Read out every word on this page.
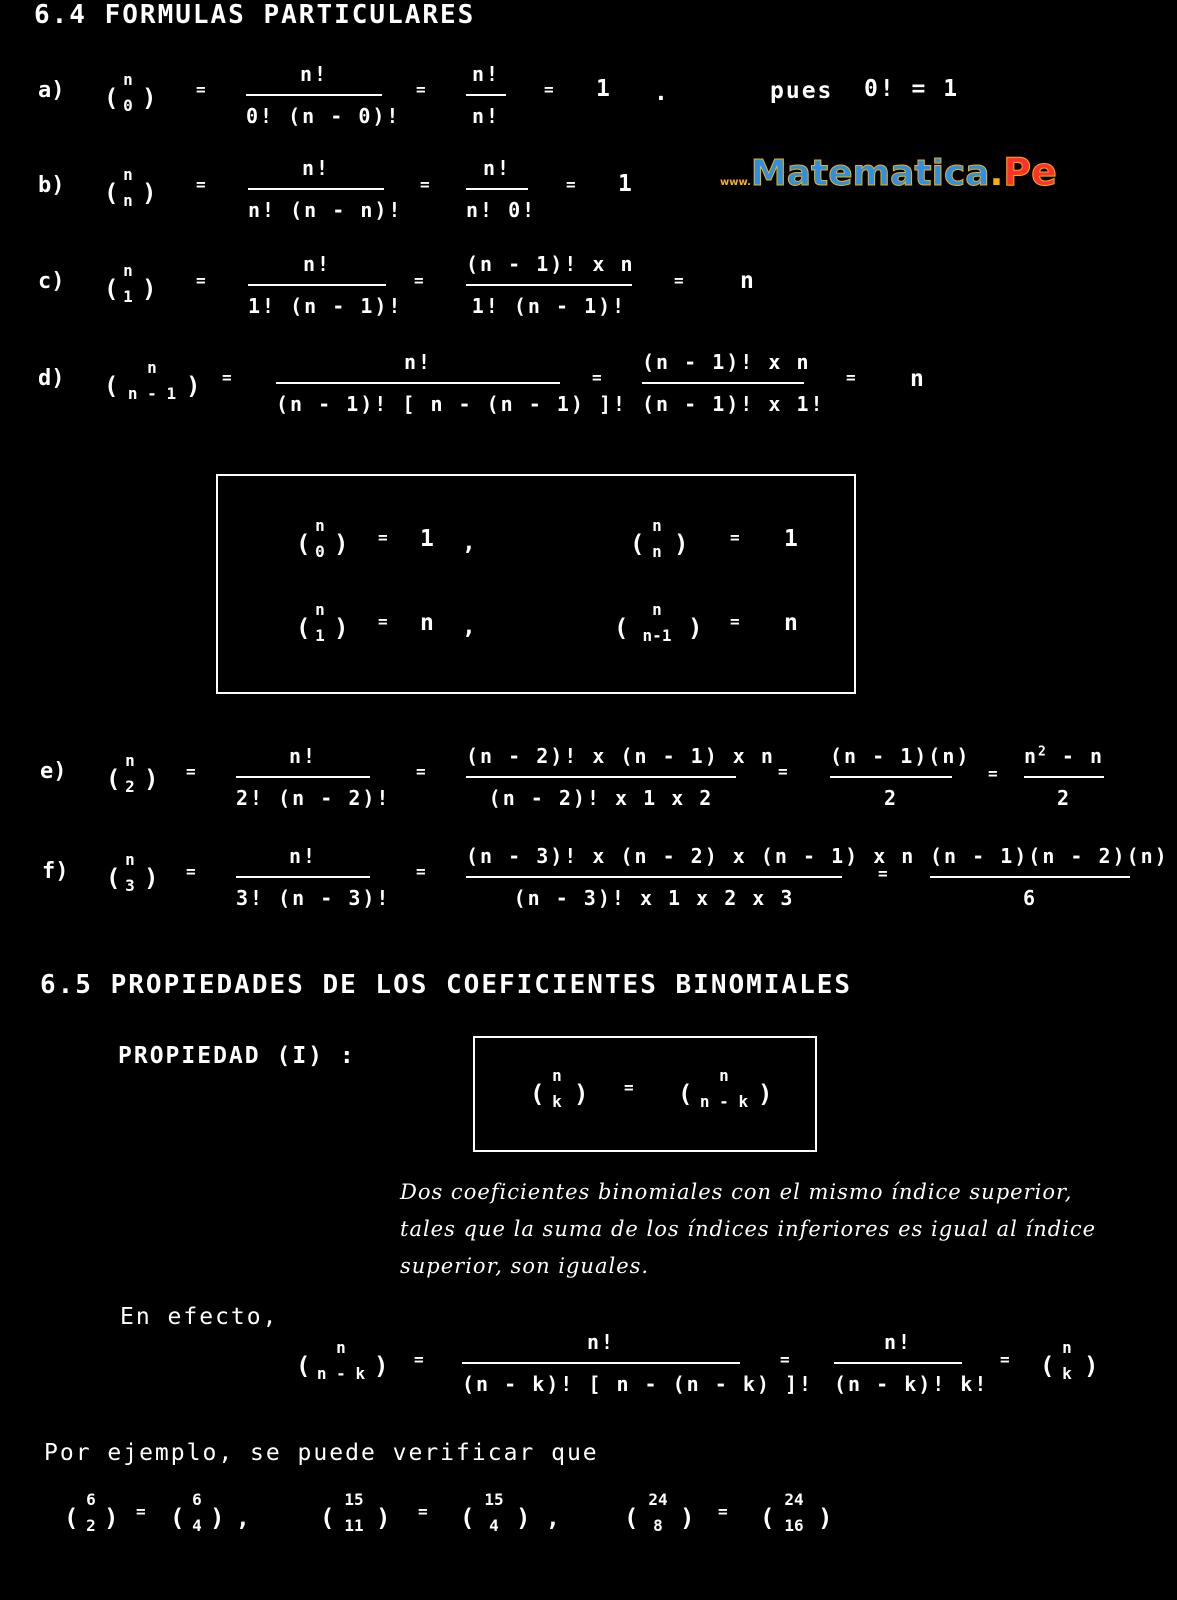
6.4 FORMULAS PARTICULARES
a) (
n
0 ) =
n!
0! (n - 0)!
=
n!
n!
= 1 .	pues 0! = 1
b) (
n
n ) =
n!
n! (n - n)!
=
n!
n! 0!
= 1	www.Matematica.Pe
c) (
n
1 ) =
n!
1! (n - 1)!
=
(n - 1)! x n
1! (n - 1)!
= n
d) (
n
n - 1 ) =
n!
(n - 1)! [ n - (n - 1) ]!
=
(n - 1)! x n
(n - 1)! x 1!
= n
(
n
0 ) = 1 ,	(
n
n )	= 1
(
n
1 ) = n ,	(
n
n-1 ) = n
e) (
n
2 ) =
n!
2! (n - 2)!
=
(n - 2)! x (n - 1) x n
(n - 2)! x 1 x 2
=
(n - 1)(n)
2
=
$n^2$ - n
2
f) (
n
3 ) =
n!
3! (n - 3)!
=
(n - 3)! x (n - 2) x (n - 1) x n
(n - 3)! x 1 x 2 x 3
=
(n - 1)(n - 2)(n)
6
6.5 PROPIEDADES DE LOS COEFICIENTES BINOMIALES
PROPIEDAD (I) :
(
n
k ) = (
n
n - k )
Dos coeficientes binomiales con el mismo índice superior, tales que la suma de los índices inferiores es igual al índice superior, son iguales.
En efecto,
(
n
n - k ) =
n!
(n - k)! [ n - (n - k) ]!
=
n!
(n - k)! k!
= (
n
k )
Por ejemplo, se puede verificar que
(
6
2 ) = (
6
4 ) ,	(
15
11 ) = (
15
4 ) ,	(
24
8 ) = (
24
16 )
